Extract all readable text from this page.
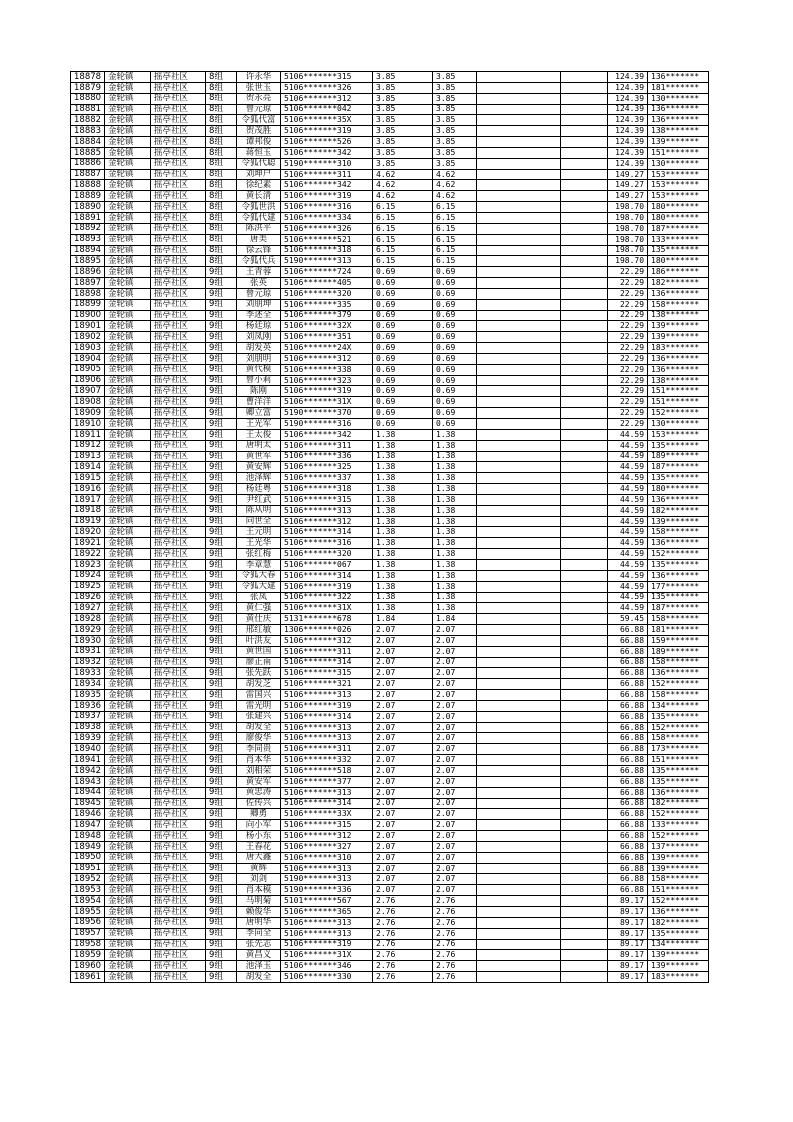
18878	金轮镇	摇亭社区	8组	许永华	5106*******315	3.85	3.85			124.39	136*******
18879	金轮镇	摇亭社区	8组	张世玉	5106*******326	3.85	3.85			124.39	181*******
18880	金轮镇	摇亭社区	8组	贺永亮	5106*******312	3.85	3.85			124.39	130*******
18881	金轮镇	摇亭社区	8组	曾元琼	5106*******042	3.85	3.85			124.39	136*******
18882	金轮镇	摇亭社区	8组	令狐代富	5106*******35X	3.85	3.85			124.39	136*******
18883	金轮镇	摇亭社区	8组	贺茂胜	5106*******319	3.85	3.85			124.39	138*******
18884	金轮镇	摇亭社区	8组	谭邦俊	5106*******526	3.85	3.85			124.39	139*******
18885	金轮镇	摇亭社区	8组	蒋恒玉	5106*******342	3.85	3.85			124.39	151*******
18886	金轮镇	摇亭社区	8组	令狐代聪	5190*******310	3.85	3.85			124.39	130*******
18887	金轮镇	摇亭社区	8组	刘坤户	5106*******311	4.62	4.62			149.27	153*******
18888	金轮镇	摇亭社区	8组	徐纪素	5106*******342	4.62	4.62			149.27	153*******
18889	金轮镇	摇亭社区	8组	黄长清	5106*******319	4.62	4.62			149.27	153*******
18890	金轮镇	摇亭社区	8组	令狐世洪	5106*******316	6.15	6.15			198.70	180*******
18891	金轮镇	摇亭社区	8组	令狐代建	5106*******334	6.15	6.15			198.70	180*******
18892	金轮镇	摇亭社区	8组	陈洪平	5106*******326	6.15	6.15			198.70	187*******
18893	金轮镇	摇亭社区	8组	唐美	5106*******521	6.15	6.15			198.70	133*******
18894	金轮镇	摇亭社区	8组	徐云锋	5106*******318	6.15	6.15			198.70	135*******
18895	金轮镇	摇亭社区	8组	令狐代兵	5190*******313	6.15	6.15			198.70	180*******
18896	金轮镇	摇亭社区	9组	王青蓉	5106*******724	0.69	0.69			22.29	186*******
18897	金轮镇	摇亭社区	9组	张英	5106*******405	0.69	0.69			22.29	182*******
18898	金轮镇	摇亭社区	9组	曾元琼	5106*******320	0.69	0.69			22.29	136*******
18899	金轮镇	摇亭社区	9组	刘朋坤	5106*******335	0.69	0.69			22.29	158*******
18900	金轮镇	摇亭社区	9组	李述全	5106*******379	0.69	0.69			22.29	138*******
18901	金轮镇	摇亭社区	9组	杨廷琼	5106*******32X	0.69	0.69			22.29	139*******
18902	金轮镇	摇亭社区	9组	刘凤刚	5106*******351	0.69	0.69			22.29	139*******
18903	金轮镇	摇亭社区	9组	胡发英	5106*******24X	0.69	0.69			22.29	183*******
18904	金轮镇	摇亭社区	9组	刘朋明	5106*******312	0.69	0.69			22.29	136*******
18905	金轮镇	摇亭社区	9组	黄代模	5106*******338	0.69	0.69			22.29	136*******
18906	金轮镇	摇亭社区	9组	曾小莉	5106*******323	0.69	0.69			22.29	138*******
18907	金轮镇	摇亭社区	9组	陈刚	5106*******319	0.69	0.69			22.29	151*******
18908	金轮镇	摇亭社区	9组	曹洋洋	5106*******31X	0.69	0.69			22.29	151*******
18909	金轮镇	摇亭社区	9组	卿立富	5190*******370	0.69	0.69			22.29	152*******
18910	金轮镇	摇亭社区	9组	王光军	5190*******316	0.69	0.69			22.29	130*******
18911	金轮镇	摇亭社区	9组	王太俊	5106*******342	1.38	1.38			44.59	153*******
18912	金轮镇	摇亭社区	9组	唐明太	5106*******311	1.38	1.38			44.59	135*******
18913	金轮镇	摇亭社区	9组	黄世军	5106*******336	1.38	1.38			44.59	189*******
18914	金轮镇	摇亭社区	9组	黄安辉	5106*******325	1.38	1.38			44.59	187*******
18915	金轮镇	摇亭社区	9组	池泽辉	5106*******337	1.38	1.38			44.59	135*******
18916	金轮镇	摇亭社区	9组	杨廷粤	5106*******318	1.38	1.38			44.59	180*******
18917	金轮镇	摇亭社区	9组	尹红武	5106*******315	1.38	1.38			44.59	136*******
18918	金轮镇	摇亭社区	9组	陈从明	5106*******313	1.38	1.38			44.59	182*******
18919	金轮镇	摇亭社区	9组	向世全	5106*******312	1.38	1.38			44.59	139*******
18920	金轮镇	摇亭社区	9组	王元明	5106*******314	1.38	1.38			44.59	158*******
18921	金轮镇	摇亭社区	9组	王光华	5106*******316	1.38	1.38			44.59	136*******
18922	金轮镇	摇亭社区	9组	张红梅	5106*******320	1.38	1.38			44.59	152*******
18923	金轮镇	摇亭社区	9组	李章慧	5106*******067	1.38	1.38			44.59	135*******
18924	金轮镇	摇亭社区	9组	令狐大春	5106*******314	1.38	1.38			44.59	136*******
18925	金轮镇	摇亭社区	9组	令狐大建	5106*******319	1.38	1.38			44.59	177*******
18926	金轮镇	摇亭社区	9组	张凤	5106*******322	1.38	1.38			44.59	135*******
18927	金轮镇	摇亭社区	9组	黄仁强	5106*******31X	1.38	1.38			44.59	187*******
18928	金轮镇	摇亭社区	9组	黄仕庆	5131*******678	1.84	1.84			59.45	158*******
18929	金轮镇	摇亭社区	9组	邢红敏	1306*******026	2.07	2.07			66.88	181*******
18930	金轮镇	摇亭社区	9组	叶洪友	5106*******312	2.07	2.07			66.88	159*******
18931	金轮镇	摇亭社区	9组	黄世国	5106*******311	2.07	2.07			66.88	189*******
18932	金轮镇	摇亭社区	9组	廖正南	5106*******314	2.07	2.07			66.88	158*******
18933	金轮镇	摇亭社区	9组	张先跃	5106*******315	2.07	2.07			66.88	136*******
18934	金轮镇	摇亭社区	9组	胡发芝	5106*******321	2.07	2.07			66.88	152*******
18935	金轮镇	摇亭社区	9组	雷国兴	5106*******313	2.07	2.07			66.88	158*******
18936	金轮镇	摇亭社区	9组	雷光明	5106*******319	2.07	2.07			66.88	134*******
18937	金轮镇	摇亭社区	9组	张建兴	5106*******314	2.07	2.07			66.88	135*******
18938	金轮镇	摇亭社区	9组	胡发全	5106*******313	2.07	2.07			66.88	152*******
18939	金轮镇	摇亭社区	9组	廖俊华	5106*******313	2.07	2.07			66.88	158*******
18940	金轮镇	摇亭社区	9组	李同贵	5106*******311	2.07	2.07			66.88	173*******
18941	金轮镇	摇亭社区	9组	肖本华	5106*******332	2.07	2.07			66.88	151*******
18942	金轮镇	摇亭社区	9组	刘相荣	5106*******518	2.07	2.07			66.88	135*******
18943	金轮镇	摇亭社区	9组	黄安军	5106*******377	2.07	2.07			66.88	135*******
18944	金轮镇	摇亭社区	9组	黄忠涛	5106*******313	2.07	2.07			66.88	136*******
18945	金轮镇	摇亭社区	9组	佐传兴	5106*******314	2.07	2.07			66.88	182*******
18946	金轮镇	摇亭社区	9组	卿勇	5106*******33X	2.07	2.07			66.88	152*******
18947	金轮镇	摇亭社区	9组	向小军	5106*******315	2.07	2.07			66.88	133*******
18948	金轮镇	摇亭社区	9组	杨小东	5106*******312	2.07	2.07			66.88	152*******
18949	金轮镇	摇亭社区	9组	王春花	5106*******327	2.07	2.07			66.88	137*******
18950	金轮镇	摇亭社区	9组	唐大鑫	5106*******310	2.07	2.07			66.88	139*******
18951	金轮镇	摇亭社区	9组	黄辉	5106*******313	2.07	2.07			66.88	139*******
18952	金轮镇	摇亭社区	9组	刘剑	5190*******313	2.07	2.07			66.88	158*******
18953	金轮镇	摇亭社区	9组	肖本模	5190*******336	2.07	2.07			66.88	151*******
18954	金轮镇	摇亭社区	9组	马明菊	5101*******567	2.76	2.76			89.17	152*******
18955	金轮镇	摇亭社区	9组	赖俊华	5106*******365	2.76	2.76			89.17	136*******
18956	金轮镇	摇亭社区	9组	唐明华	5106*******313	2.76	2.76			89.17	182*******
18957	金轮镇	摇亭社区	9组	李同全	5106*******313	2.76	2.76			89.17	135*******
18958	金轮镇	摇亭社区	9组	张先志	5106*******319	2.76	2.76			89.17	134*******
18959	金轮镇	摇亭社区	9组	黄昌义	5106*******31X	2.76	2.76			89.17	139*******
18960	金轮镇	摇亭社区	9组	池泽玉	5106*******346	2.76	2.76			89.17	139*******
18961	金轮镇	摇亭社区	9组	胡发全	5106*******330	2.76	2.76			89.17	183*******
